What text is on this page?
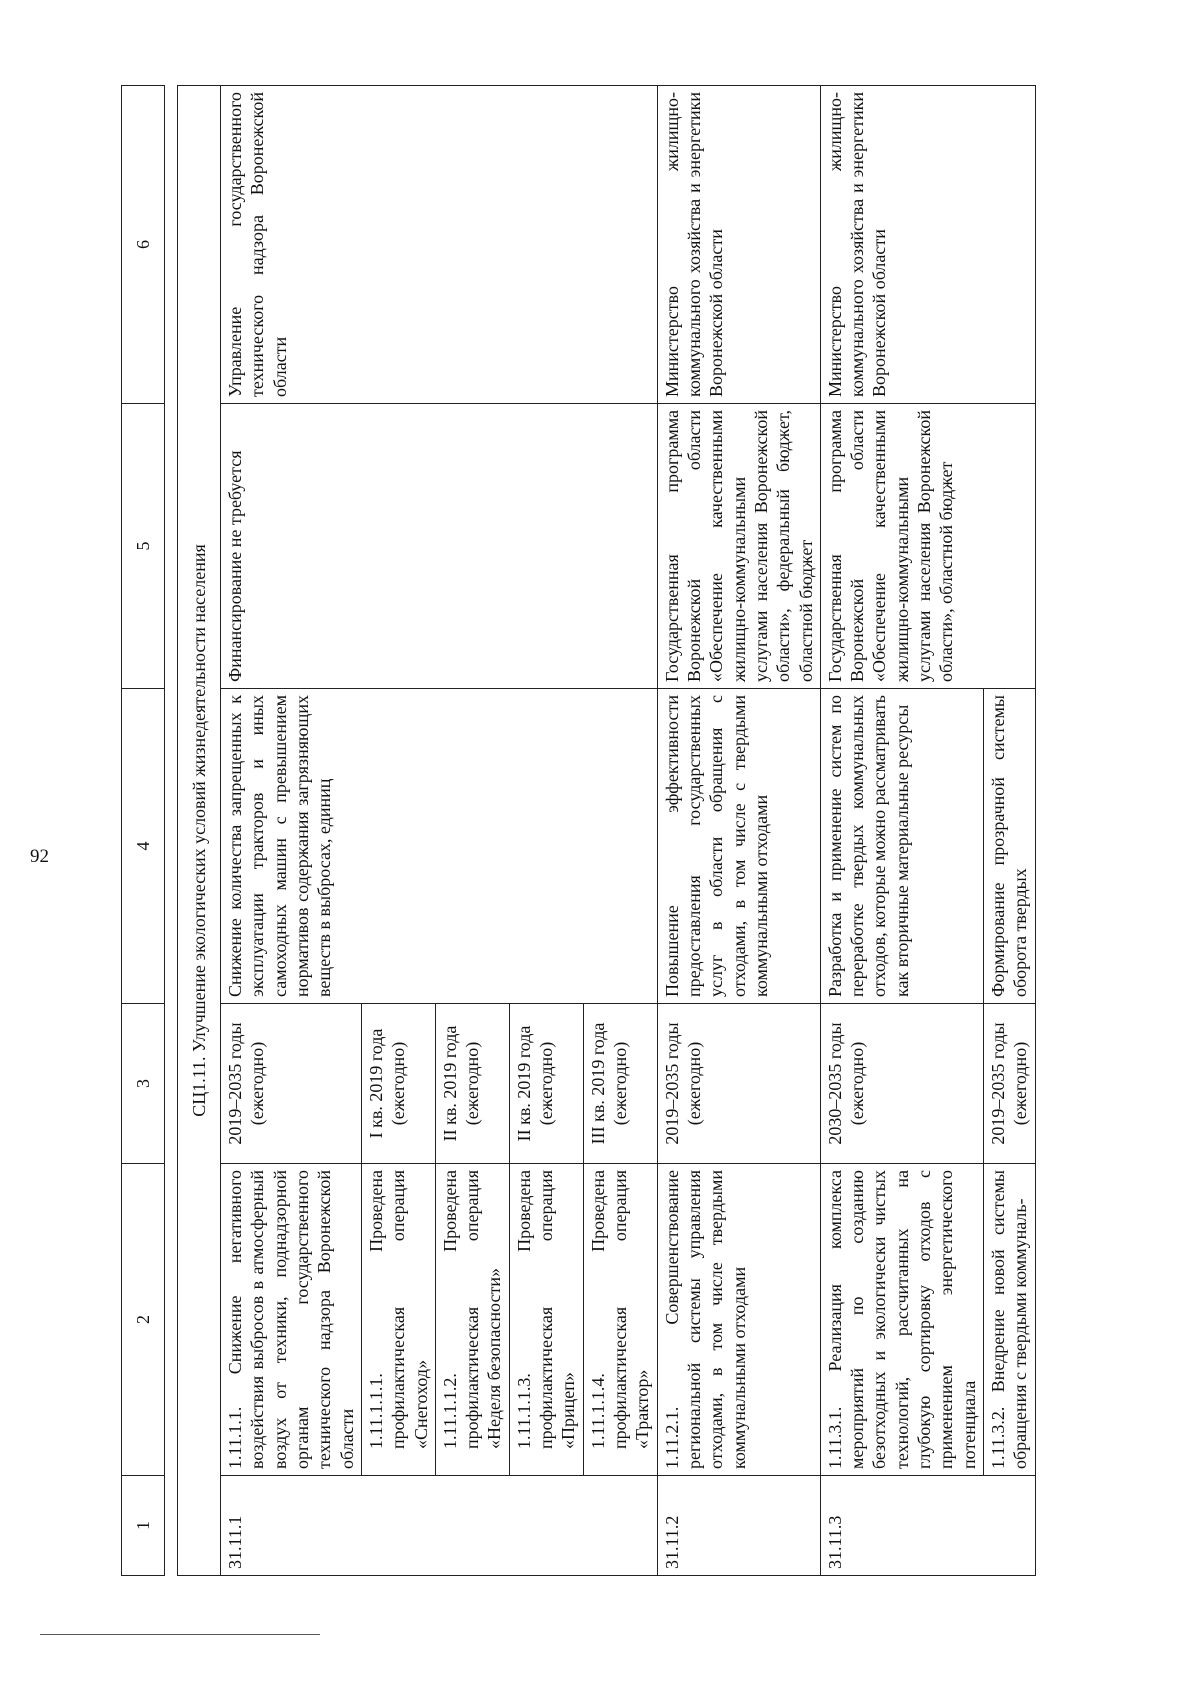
92
1	2	3	4	5	6

СЦ1.11. Улучшение экологических условий жизнедеятельности населения					
31.11.1	1.11.1.1. Снижение негативного воздействия выбросов в атмосферный воздух от техники, поднадзорной органам государственного технического надзора Воронежской области	2019–2035 годы (ежегодно)	Снижение количества запрещенных к эксплуатации тракторов и иных самоходных машин с превышением нормативов содержания загрязняющих веществ в выбросах, единиц	Финансирование не требуется	Управление государственного технического надзора Воронежской области
	1.11.1.1.1. Проведена профилактическая операция «Снегоход»	I кв. 2019 года (ежегодно)			
	1.11.1.1.2. Проведена профилактическая операция «Неделя безопасности»	II кв. 2019 года (ежегодно)			
	1.11.1.1.3. Проведена профилактическая операция «Прицеп»	II кв. 2019 года (ежегодно)			
	1.11.1.1.4. Проведена профилактическая операция «Трактор»	III кв. 2019 года (ежегодно)			
31.11.2	1.11.2.1. Совершенствование региональной системы управления отходами, в том числе твердыми коммунальными отходами	2019–2035 годы (ежегодно)	Повышение эффективности предоставления государственных услуг в области обращения с отходами, в том числе с твердыми коммунальными отходами	Государственная программа Воронежской области «Обеспечение качественными жилищно-коммунальными услугами населения Воронежской области», федеральный бюджет, областной бюджет	Министерство жилищно-коммунального хозяйства и энергетики Воронежской области
31.11.3	1.11.3.1. Реализация комплекса мероприятий по созданию безотходных и экологически чистых технологий, рассчитанных на глубокую сортировку отходов с применением энергетического потенциала	2030–2035 годы (ежегодно)	Разработка и применение систем по переработке твердых коммунальных отходов, которые можно рассматривать как вторичные материальные ресурсы	Государственная программа Воронежской области «Обеспечение качественными жилищно-коммунальными услугами населения Воронежской области», областной бюджет	Министерство жилищно-коммунального хозяйства и энергетики Воронежской области
	1.11.3.2. Внедрение новой системы обращения с твердыми коммуналь-	2019–2035 годы (ежегодно)	Формирование прозрачной системы оборота твердых		
